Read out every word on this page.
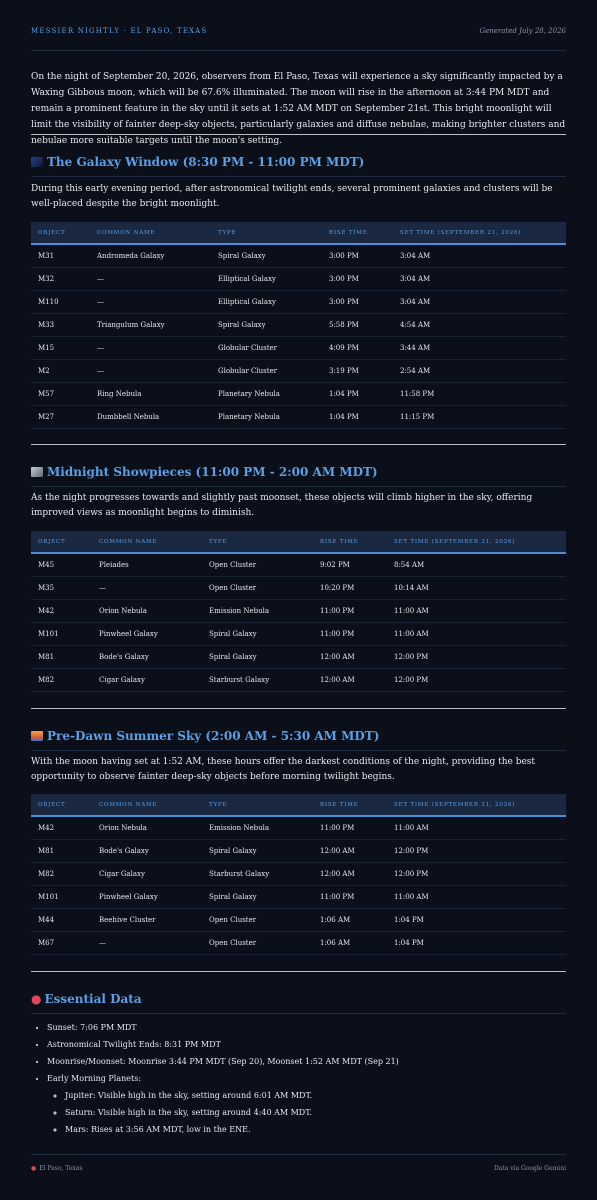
MESSIER NIGHTLY · EL PASO, TEXAS	Generated July 28, 2026
On the night of September 20, 2026, observers from El Paso, Texas will experience a sky significantly impacted by a Waxing Gibbous moon, which will be 67.6% illuminated. The moon will rise in the afternoon at 3:44 PM MDT and remain a prominent feature in the sky until it sets at 1:52 AM MDT on September 21st. This bright moonlight will limit the visibility of fainter deep-sky objects, particularly galaxies and diffuse nebulae, making brighter clusters and nebulae more suitable targets until the moon's setting.
The Galaxy Window (8:30 PM - 11:00 PM MDT)
During this early evening period, after astronomical twilight ends, several prominent galaxies and clusters will be well-placed despite the bright moonlight.
OBJECT	COMMON NAME	TYPE	RISE TIME	SET TIME (SEPTEMBER 21, 2026)
M31	Andromeda Galaxy	Spiral Galaxy	3:00 PM	3:04 AM
M32	—	Elliptical Galaxy	3:00 PM	3:04 AM
M110	—	Elliptical Galaxy	3:00 PM	3:04 AM
M33	Triangulum Galaxy	Spiral Galaxy	5:58 PM	4:54 AM
M15	—	Globular Cluster	4:09 PM	3:44 AM
M2	—	Globular Cluster	3:19 PM	2:54 AM
M57	Ring Nebula	Planetary Nebula	1:04 PM	11:58 PM
M27	Dumbbell Nebula	Planetary Nebula	1:04 PM	11:15 PM
Midnight Showpieces (11:00 PM - 2:00 AM MDT)
As the night progresses towards and slightly past moonset, these objects will climb higher in the sky, offering improved views as moonlight begins to diminish.
OBJECT	COMMON NAME	TYPE	RISE TIME	SET TIME (SEPTEMBER 21, 2026)
M45	Pleiades	Open Cluster	9:02 PM	8:54 AM
M35	—	Open Cluster	10:20 PM	10:14 AM
M42	Orion Nebula	Emission Nebula	11:00 PM	11:00 AM
M101	Pinwheel Galaxy	Spiral Galaxy	11:00 PM	11:00 AM
M81	Bode's Galaxy	Spiral Galaxy	12:00 AM	12:00 PM
M82	Cigar Galaxy	Starburst Galaxy	12:00 AM	12:00 PM
Pre-Dawn Summer Sky (2:00 AM - 5:30 AM MDT)
With the moon having set at 1:52 AM, these hours offer the darkest conditions of the night, providing the best opportunity to observe fainter deep-sky objects before morning twilight begins.
OBJECT	COMMON NAME	TYPE	RISE TIME	SET TIME (SEPTEMBER 21, 2026)
M42	Orion Nebula	Emission Nebula	11:00 PM	11:00 AM
M81	Bode's Galaxy	Spiral Galaxy	12:00 AM	12:00 PM
M82	Cigar Galaxy	Starburst Galaxy	12:00 AM	12:00 PM
M101	Pinwheel Galaxy	Spiral Galaxy	11:00 PM	11:00 AM
M44	Beehive Cluster	Open Cluster	1:06 AM	1:04 PM
M67	—	Open Cluster	1:06 AM	1:04 PM
● Essential Data
• Sunset: 7:06 PM MDT
• Astronomical Twilight Ends: 8:31 PM MDT
• Moonrise/Moonset: Moonrise 3:44 PM MDT (Sep 20), Moonset 1:52 AM MDT (Sep 21)
• Early Morning Planets:
◦ Jupiter: Visible high in the sky, setting around 6:01 AM MDT.
◦ Saturn: Visible high in the sky, setting around 4:40 AM MDT.
◦ Mars: Rises at 3:56 AM MDT, low in the ENE.
● El Paso, Texas	Data via Google Gemini
